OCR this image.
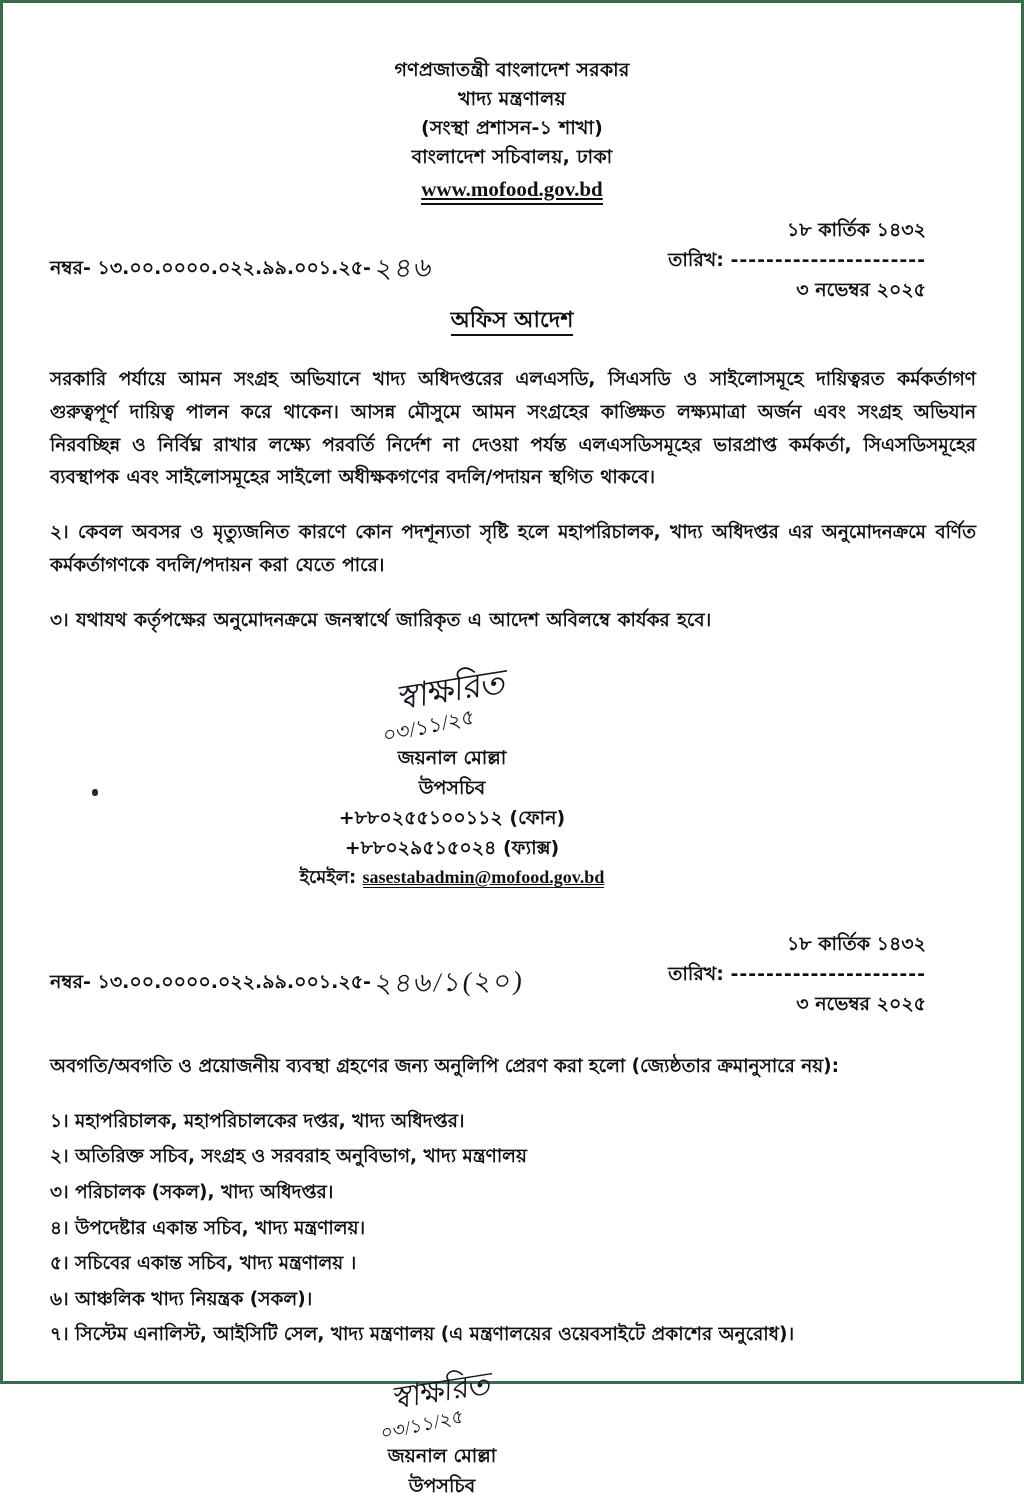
গণপ্রজাতন্ত্রী বাংলাদেশ সরকার
খাদ্য মন্ত্রণালয়
(সংস্থা প্রশাসন-১ শাখা)
বাংলাদেশ সচিবালয়, ঢাকা
www.mofood.gov.bd
নম্বর- ১৩.০০.০০০০.০২২.৯৯.০০১.২৫-২৪৬
১৮ কার্তিক ১৪৩২
তারিখ: ----------------------
৩ নভেম্বর ২০২৫
অফিস আদেশ

সরকারি পর্যায়ে আমন সংগ্রহ অভিযানে খাদ্য অধিদপ্তরের এলএসডি, সিএসডি ও সাইলোসমূহে দায়িত্বরত কর্মকর্তাগণ গুরুত্বপূর্ণ দায়িত্ব পালন করে থাকেন। আসন্ন মৌসুমে আমন সংগ্রহের কাঙ্ক্ষিত লক্ষ্যমাত্রা অর্জন এবং সংগ্রহ অভিযান নিরবচ্ছিন্ন ও নির্বিঘ্ন রাখার লক্ষ্যে পরবর্তি নির্দেশ না দেওয়া পর্যন্ত এলএসডিসমূহের ভারপ্রাপ্ত কর্মকর্তা, সিএসডিসমূহের ব্যবস্থাপক এবং সাইলোসমূহের সাইলো অধীক্ষকগণের বদলি/পদায়ন স্থগিত থাকবে।

২। কেবল অবসর ও মৃত্যুজনিত কারণে কোন পদশূন্যতা সৃষ্টি হলে মহাপরিচালক, খাদ্য অধিদপ্তর এর অনুমোদনক্রমে বর্ণিত কর্মকর্তাগণকে বদলি/পদায়ন করা যেতে পারে।

৩। যথাযথ কর্তৃপক্ষের অনুমোদনক্রমে জনস্বার্থে জারিকৃত এ আদেশ অবিলম্বে কার্যকর হবে।

স্বাক্ষরিত
০৩/১১/২৫
জয়নাল মোল্লা
উপসচিব
+৮৮০২৫৫১০০১১২ (ফোন)
+৮৮০২৯৫১৫০২৪ (ফ্যাক্স)
ইমেইল: sasestabadmin@mofood.gov.bd
নম্বর- ১৩.০০.০০০০.০২২.৯৯.০০১.২৫-২৪৬/১(২০)
১৮ কার্তিক ১৪৩২
তারিখ: ----------------------
৩ নভেম্বর ২০২৫
অবগতি/অবগতি ও প্রয়োজনীয় ব্যবস্থা গ্রহণের জন্য অনুলিপি প্রেরণ করা হলো (জ্যেষ্ঠতার ক্রমানুসারে নয়):
১। মহাপরিচালক, মহাপরিচালকের দপ্তর, খাদ্য অধিদপ্তর।
২। অতিরিক্ত সচিব, সংগ্রহ ও সরবরাহ অনুবিভাগ, খাদ্য মন্ত্রণালয়
৩। পরিচালক (সকল), খাদ্য অধিদপ্তর।
৪। উপদেষ্টার একান্ত সচিব, খাদ্য মন্ত্রণালয়।
৫। সচিবের একান্ত সচিব, খাদ্য মন্ত্রণালয় ।
৬। আঞ্চলিক খাদ্য নিয়ন্ত্রক (সকল)।
৭। সিস্টেম এনালিস্ট, আইসিটি সেল, খাদ্য মন্ত্রণালয় (এ মন্ত্রণালয়ের ওয়েবসাইটে প্রকাশের অনুরোধ)।
স্বাক্ষরিত
০৩/১১/২৫
জয়নাল মোল্লা
উপসচিব
